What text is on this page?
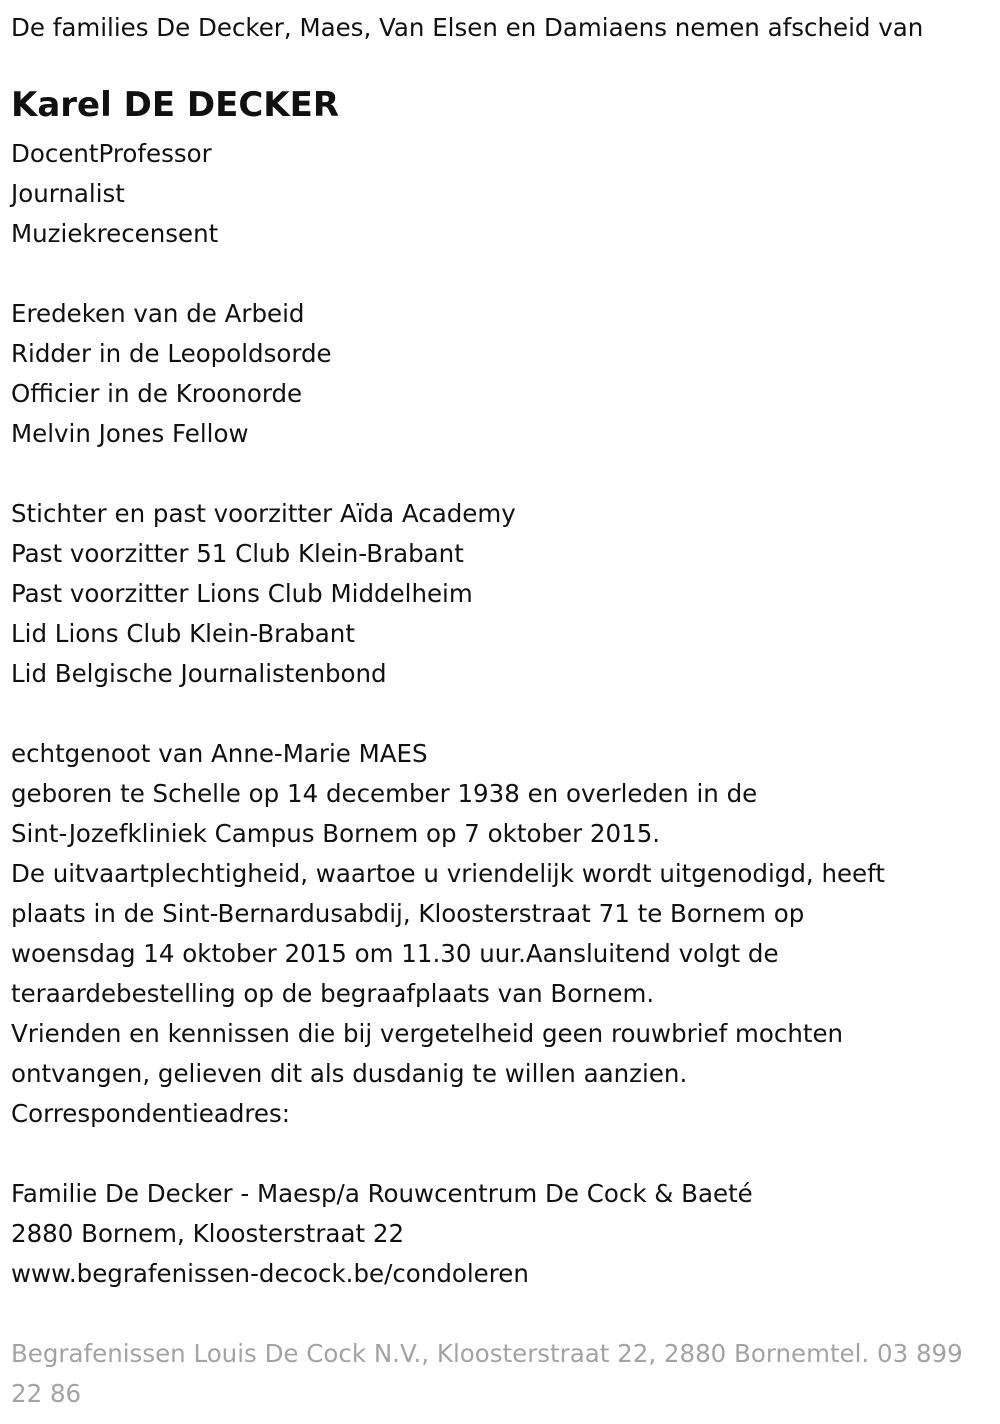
De families De Decker, Maes, Van Elsen en Damiaens nemen afscheid van
Karel DE DECKER
DocentProfessor
Journalist
Muziekrecensent
Eredeken van de Arbeid
Ridder in de Leopoldsorde
Officier in de Kroonorde
Melvin Jones Fellow
Stichter en past voorzitter Aïda Academy
Past voorzitter 51 Club Klein-Brabant
Past voorzitter Lions Club Middelheim
Lid Lions Club Klein-Brabant
Lid Belgische Journalistenbond
echtgenoot van Anne-Marie MAES
geboren te Schelle op 14 december 1938 en overleden in de
Sint-Jozefkliniek Campus Bornem op 7 oktober 2015.
De uitvaartplechtigheid, waartoe u vriendelijk wordt uitgenodigd, heeft
plaats in de Sint-Bernardusabdij, Kloosterstraat 71 te Bornem op
woensdag 14 oktober 2015 om 11.30 uur.Aansluitend volgt de
teraardebestelling op de begraafplaats van Bornem.
Vrienden en kennissen die bij vergetelheid geen rouwbrief mochten
ontvangen, gelieven dit als dusdanig te willen aanzien.
Correspondentieadres:
Familie De Decker - Maesp/a Rouwcentrum De Cock & Baeté
2880 Bornem, Kloosterstraat 22
www.begrafenissen-decock.be/condoleren
Begrafenissen Louis De Cock N.V., Kloosterstraat 22, 2880 Bornemtel. 03 899 22 86
